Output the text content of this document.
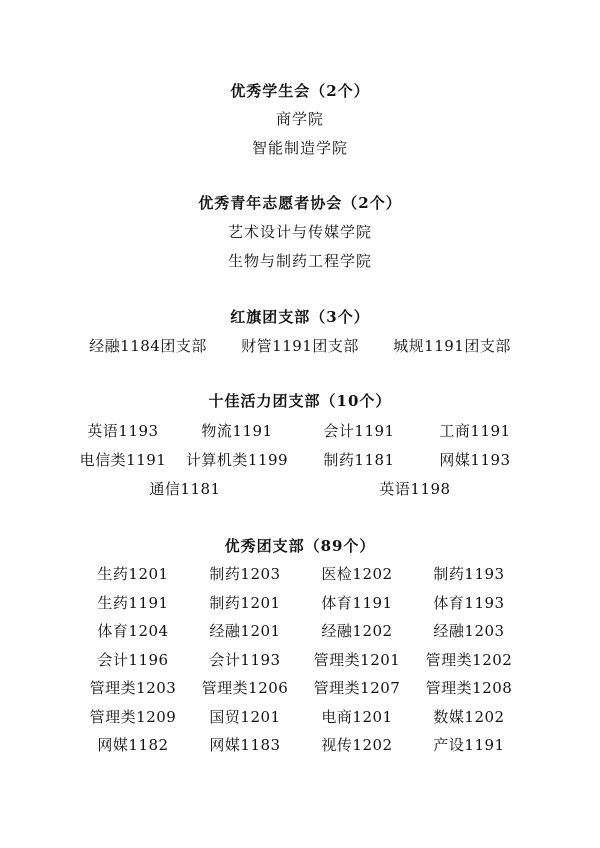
优秀学生会（2个）
商学院
智能制造学院
优秀青年志愿者协会（2个）
艺术设计与传媒学院
生物与制药工程学院
红旗团支部（3个）
经融1184团支部	财管1191团支部	城规1191团支部
十佳活力团支部（10个）
英语1193	物流1191	会计1191	工商1191
电信类1191	计算机类1199	制药1181	网媒1193
通信1181	英语1198
优秀团支部（89个）
生药1201	制药1203	医检1202	制药1193
生药1191	制药1201	体育1191	体育1193
体育1204	经融1201	经融1202	经融1203
会计1196	会计1193	管理类1201	管理类1202
管理类1203	管理类1206	管理类1207	管理类1208
管理类1209	国贸1201	电商1201	数媒1202
网媒1182	网媒1183	视传1202	产设1191
